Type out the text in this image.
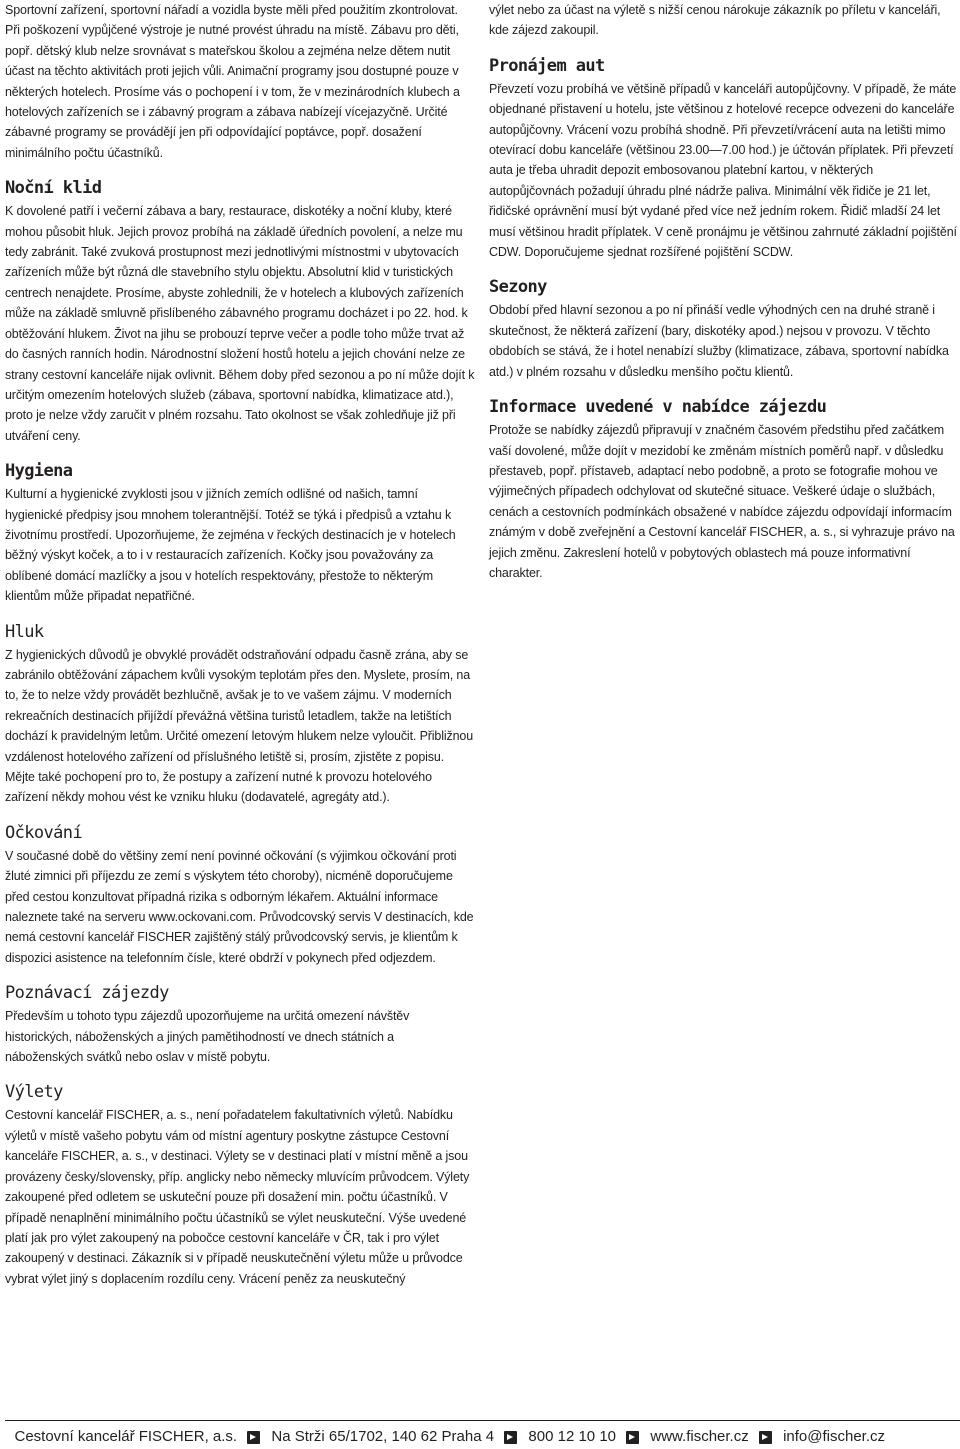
Sportovní zařízení, sportovní nářadí a vozidla byste měli před použitím zkontrolovat. Při poškození vypůjčené výstroje je nutné provést úhradu na místě. Zábavu pro děti, popř. dětský klub nelze srovnávat s mateřskou školou a zejména nelze dětem nutit účast na těchto aktivitách proti jejich vůli. Animační programy jsou dostupné pouze v některých hotelech. Prosíme vás o pochopení i v tom, že v mezinárodních klubech a hotelových zařízeních se i zábavný program a zábava nabízejí vícejazyčně. Určité zábavné programy se provádějí jen při odpovídající poptávce, popř. dosažení minimálního počtu účastníků.

Noční klid

K dovolené patří i večerní zábava a bary, restaurace, diskotéky a noční kluby, které mohou působit hluk. Jejich provoz probíhá na základě úředních povolení, a nelze mu tedy zabránit. Také zvuková prostupnost mezi jednotlivými místnostmi v ubytovacích zařízeních může být různá dle stavebního stylu objektu. Absolutní klid v turistických centrech nenajdete. Prosíme, abyste zohlednili, že v hotelech a klubových zařízeních může na základě smluvně přislíbeného zábavného programu docházet i po 22. hod. k obtěžování hlukem. Život na jihu se probouzí teprve večer a podle toho může trvat až do časných ranních hodin. Národnostní složení hostů hotelu a jejich chování nelze ze strany cestovní kanceláře nijak ovlivnit. Během doby před sezonou a po ní může dojít k určitým omezením hotelových služeb (zábava, sportovní nabídka, klimatizace atd.), proto je nelze vždy zaručit v plném rozsahu. Tato okolnost se však zohledňuje již při utváření ceny.

Hygiena

Kulturní a hygienické zvyklosti jsou v jižních zemích odlišné od našich, tamní hygienické předpisy jsou mnohem tolerantnější. Totéž se týká i předpisů a vztahu k životnímu prostředí. Upozorňujeme, že zejména v řeckých destinacích je v hotelech běžný výskyt koček, a to i v restauracích zařízeních. Kočky jsou považovány za oblíbené domácí mazlíčky a jsou v hotelích respektovány, přestože to některým klientům může připadat nepatřičné.

Hluk

Z hygienických důvodů je obvyklé provádět odstraňování odpadu časně zrána, aby se zabránilo obtěžování zápachem kvůli vysokým teplotám přes den. Myslete, prosím, na to, že to nelze vždy provádět bezhlučně, avšak je to ve vašem zájmu. V moderních rekreačních destinacích přijíždí převážná většina turistů letadlem, takže na letištích dochází k pravidelným letům. Určité omezení letovým hlukem nelze vyloučit. Přibližnou vzdálenost hotelového zařízení od příslušného letiště si, prosím, zjistěte z popisu. Mějte také pochopení pro to, že postupy a zařízení nutné k provozu hotelového zařízení někdy mohou vést ke vzniku hluku (dodavatelé, agregáty atd.).

Očkování

V současné době do většiny zemí není povinné očkování (s výjimkou očkování proti žluté zimnici při příjezdu ze zemí s výskytem této choroby), nicméně doporučujeme před cestou konzultovat případná rizika s odborným lékařem. Aktuální informace naleznete také na serveru www.ockovani.com. Průvodcovský servis V destinacích, kde nemá cestovní kancelář FISCHER zajištěný stálý průvodcovský servis, je klientům k dispozici asistence na telefonním čísle, které obdrží v pokynech před odjezdem.

Poznávací zájezdy

Především u tohoto typu zájezdů upozorňujeme na určitá omezení návštěv historických, náboženských a jiných pamětihodností ve dnech státních a náboženských svátků nebo oslav v místě pobytu.

Výlety

Cestovní kancelář FISCHER, a. s., není pořadatelem fakultativních výletů. Nabídku výletů v místě vašeho pobytu vám od místní agentury poskytne zástupce Cestovní kanceláře FISCHER, a. s., v destinaci. Výlety se v destinaci platí v místní měně a jsou provázeny česky/slovensky, příp. anglicky nebo německy mluvícím průvodcem. Výlety zakoupené před odletem se uskuteční pouze při dosažení min. počtu účastníků. V případě nenaplnění minimálního počtu účastníků se výlet neuskuteční. Výše uvedené platí jak pro výlet zakoupený na pobočce cestovní kanceláře v ČR, tak i pro výlet zakoupený v destinaci. Zákazník si v případě neuskutečnění výletu může u průvodce vybrat výlet jiný s doplacením rozdílu ceny. Vrácení peněz za neuskutečný

výlet nebo za účast na výletě s nižší cenou nárokuje zákazník po příletu v kanceláři, kde zájezd zakoupil.

Pronájem aut

Převzetí vozu probíhá ve většině případů v kanceláři autopůjčovny. V případě, že máte objednané přistavení u hotelu, jste většinou z hotelové recepce odvezeni do kanceláře autopůjčovny. Vrácení vozu probíhá shodně. Při převzetí/vrácení auta na letišti mimo otevírací dobu kanceláře (většinou 23.00—7.00 hod.) je účtován příplatek. Při převzetí auta je třeba uhradit depozit embosovanou platební kartou, v některých autopůjčovnách požadují úhradu plné nádrže paliva. Minimální věk řidiče je 21 let, řidičské oprávnění musí být vydané před více než jedním rokem. Řidič mladší 24 let musí většinou hradit příplatek. V ceně pronájmu je většinou zahrnuté základní pojištění CDW. Doporučujeme sjednat rozšířené pojištění SCDW.

Sezony

Období před hlavní sezonou a po ní přináší vedle výhodných cen na druhé straně i skutečnost, že některá zařízení (bary, diskotéky apod.) nejsou v provozu. V těchto obdobích se stává, že i hotel nenabízí služby (klimatizace, zábava, sportovní nabídka atd.) v plném rozsahu v důsledku menšího počtu klientů.

Informace uvedené v nabídce zájezdu

Protože se nabídky zájezdů připravují v značném časovém předstihu před začátkem vaší dovolené, může dojít v mezidobí ke změnám místních poměrů např. v důsledku přestaveb, popř. přístaveb, adaptací nebo podobně, a proto se fotografie mohou ve výjimečných případech odchylovat od skutečné situace. Veškeré údaje o službách, cenách a cestovních podmínkách obsažené v nabídce zájezdu odpovídají informacím známým v době zveřejnění a Cestovní kancelář FISCHER, a. s., si vyhrazuje právo na jejich změnu. Zakreslení hotelů v pobytových oblastech má pouze informativní charakter.

Cestovní kancelář FISCHER, a.s. Na Strži 65/1702, 140 62 Praha 4 800 12 10 10 www.fischer.cz info@fischer.cz
